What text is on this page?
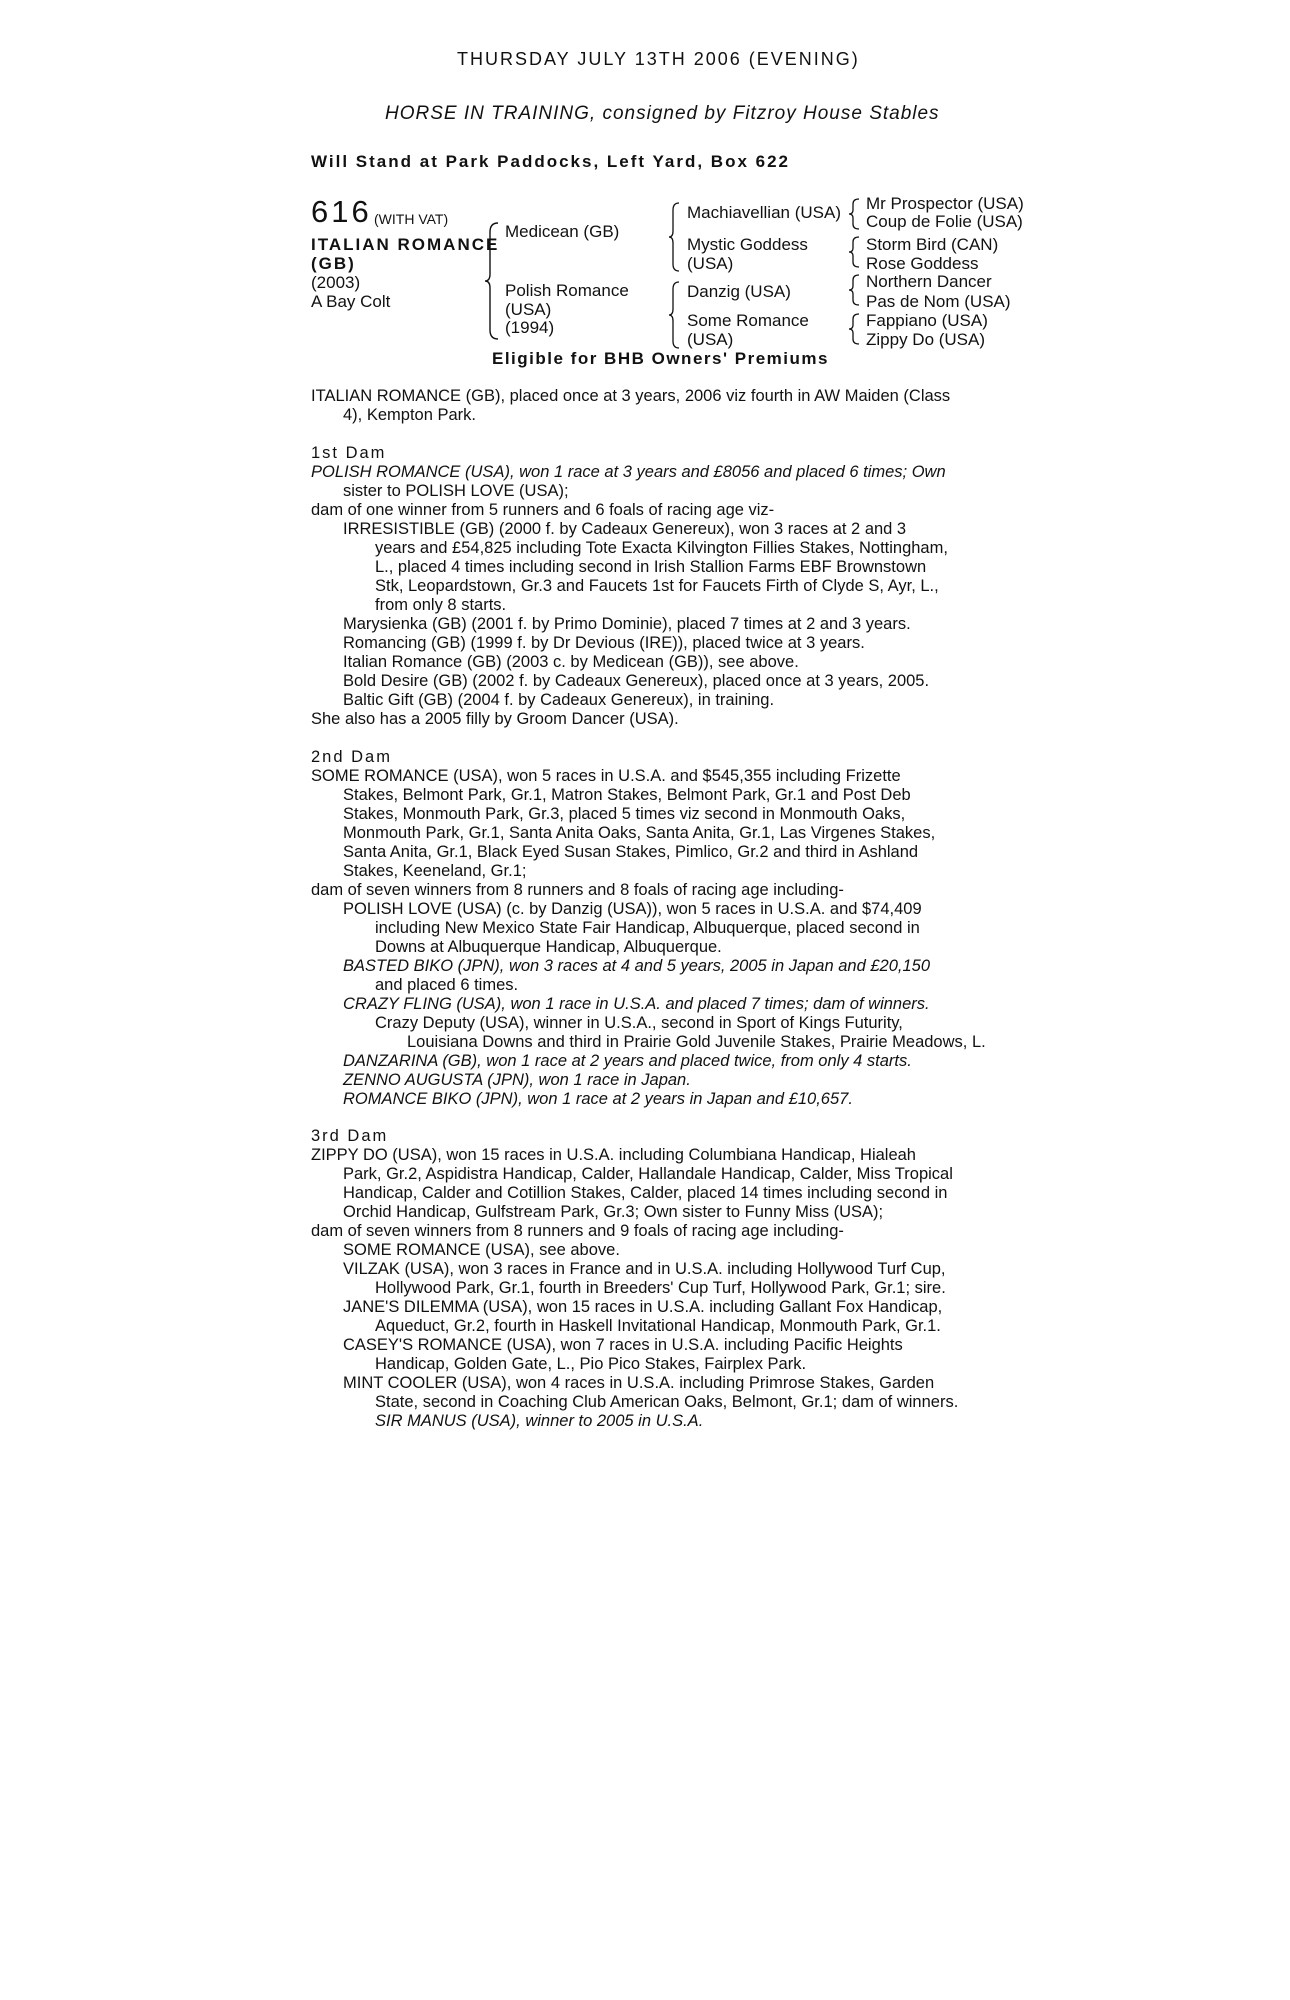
THURSDAY JULY 13TH 2006 (EVENING)
HORSE IN TRAINING, consigned by Fitzroy House Stables
Will Stand at Park Paddocks, Left Yard, Box 622
616 (WITH VAT)
ITALIAN ROMANCE
(GB)
(2003)
A Bay Colt
Medicean (GB)
Polish Romance
(USA)
(1994)
Machiavellian (USA)
Mystic Goddess
(USA)
Danzig (USA)
Some Romance
(USA)
Mr Prospector (USA)
Coup de Folie (USA)
Storm Bird (CAN)
Rose Goddess
Northern Dancer
Pas de Nom (USA)
Fappiano (USA)
Zippy Do (USA)
Eligible for BHB Owners' Premiums
ITALIAN ROMANCE (GB), placed once at 3 years, 2006 viz fourth in AW Maiden (Class
4), Kempton Park.
1st Dam
POLISH ROMANCE (USA), won 1 race at 3 years and £8056 and placed 6 times; Own
sister to POLISH LOVE (USA);
dam of one winner from 5 runners and 6 foals of racing age viz-
IRRESISTIBLE (GB) (2000 f. by Cadeaux Genereux), won 3 races at 2 and 3
years and £54,825 including Tote Exacta Kilvington Fillies Stakes, Nottingham,
L., placed 4 times including second in Irish Stallion Farms EBF Brownstown
Stk, Leopardstown, Gr.3 and Faucets 1st for Faucets Firth of Clyde S, Ayr, L.,
from only 8 starts.
Marysienka (GB) (2001 f. by Primo Dominie), placed 7 times at 2 and 3 years.
Romancing (GB) (1999 f. by Dr Devious (IRE)), placed twice at 3 years.
Italian Romance (GB) (2003 c. by Medicean (GB)), see above.
Bold Desire (GB) (2002 f. by Cadeaux Genereux), placed once at 3 years, 2005.
Baltic Gift (GB) (2004 f. by Cadeaux Genereux), in training.
She also has a 2005 filly by Groom Dancer (USA).
2nd Dam
SOME ROMANCE (USA), won 5 races in U.S.A. and $545,355 including Frizette
Stakes, Belmont Park, Gr.1, Matron Stakes, Belmont Park, Gr.1 and Post Deb
Stakes, Monmouth Park, Gr.3, placed 5 times viz second in Monmouth Oaks,
Monmouth Park, Gr.1, Santa Anita Oaks, Santa Anita, Gr.1, Las Virgenes Stakes,
Santa Anita, Gr.1, Black Eyed Susan Stakes, Pimlico, Gr.2 and third in Ashland
Stakes, Keeneland, Gr.1;
dam of seven winners from 8 runners and 8 foals of racing age including-
POLISH LOVE (USA) (c. by Danzig (USA)), won 5 races in U.S.A. and $74,409
including New Mexico State Fair Handicap, Albuquerque, placed second in
Downs at Albuquerque Handicap, Albuquerque.
BASTED BIKO (JPN), won 3 races at 4 and 5 years, 2005 in Japan and £20,150
and placed 6 times.
CRAZY FLING (USA), won 1 race in U.S.A. and placed 7 times; dam of winners.
Crazy Deputy (USA), winner in U.S.A., second in Sport of Kings Futurity,
Louisiana Downs and third in Prairie Gold Juvenile Stakes, Prairie Meadows, L.
DANZARINA (GB), won 1 race at 2 years and placed twice, from only 4 starts.
ZENNO AUGUSTA (JPN), won 1 race in Japan.
ROMANCE BIKO (JPN), won 1 race at 2 years in Japan and £10,657.
3rd Dam
ZIPPY DO (USA), won 15 races in U.S.A. including Columbiana Handicap, Hialeah
Park, Gr.2, Aspidistra Handicap, Calder, Hallandale Handicap, Calder, Miss Tropical
Handicap, Calder and Cotillion Stakes, Calder, placed 14 times including second in
Orchid Handicap, Gulfstream Park, Gr.3; Own sister to Funny Miss (USA);
dam of seven winners from 8 runners and 9 foals of racing age including-
SOME ROMANCE (USA), see above.
VILZAK (USA), won 3 races in France and in U.S.A. including Hollywood Turf Cup,
Hollywood Park, Gr.1, fourth in Breeders' Cup Turf, Hollywood Park, Gr.1; sire.
JANE'S DILEMMA (USA), won 15 races in U.S.A. including Gallant Fox Handicap,
Aqueduct, Gr.2, fourth in Haskell Invitational Handicap, Monmouth Park, Gr.1.
CASEY'S ROMANCE (USA), won 7 races in U.S.A. including Pacific Heights
Handicap, Golden Gate, L., Pio Pico Stakes, Fairplex Park.
MINT COOLER (USA), won 4 races in U.S.A. including Primrose Stakes, Garden
State, second in Coaching Club American Oaks, Belmont, Gr.1; dam of winners.
SIR MANUS (USA), winner to 2005 in U.S.A.
